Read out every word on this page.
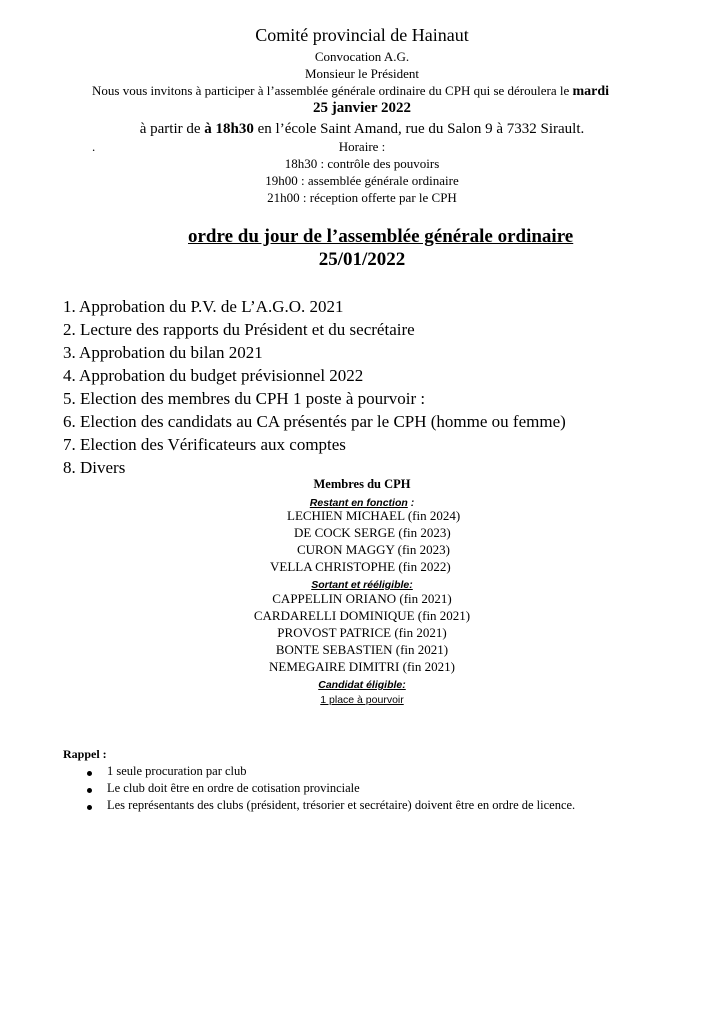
Comité provincial de Hainaut
Convocation A.G.
Monsieur le Président
Nous vous invitons à participer à l’assemblée générale ordinaire du CPH qui se déroulera le mardi
25 janvier 2022
à partir de à 18h30 en l’école Saint Amand, rue du Salon 9 à 7332 Sirault.
.	Horaire :
18h30 : contrôle des pouvoirs
19h00 : assemblée générale ordinaire
21h00 : réception offerte par le CPH
ordre du jour de l’assemblée générale ordinaire
25/01/2022
1. Approbation du P.V. de L’A.G.O. 2021
2. Lecture des rapports du Président et du secrétaire
3. Approbation du bilan 2021
4. Approbation du budget prévisionnel 2022
5. Election des membres du CPH 1 poste à pourvoir :
6. Election des candidats au CA présentés par le CPH (homme ou femme)
7. Election des Vérificateurs aux comptes
8. Divers
Membres du CPH
Restant en fonction :
LECHIEN MICHAEL (fin 2024)
DE COCK SERGE (fin 2023)
CURON MAGGY (fin 2023)
VELLA CHRISTOPHE (fin 2022)
Sortant et rééligible:
CAPPELLIN ORIANO (fin 2021)
CARDARELLI DOMINIQUE (fin 2021)
PROVOST PATRICE (fin 2021)
BONTE SEBASTIEN (fin 2021)
NEMEGAIRE DIMITRI (fin 2021)
Candidat éligible:
1 place à pourvoir
Rappel :
1 seule procuration par club
Le club doit être en ordre de cotisation provinciale
Les représentants des clubs (président, trésorier et secrétaire) doivent être en ordre de licence.
